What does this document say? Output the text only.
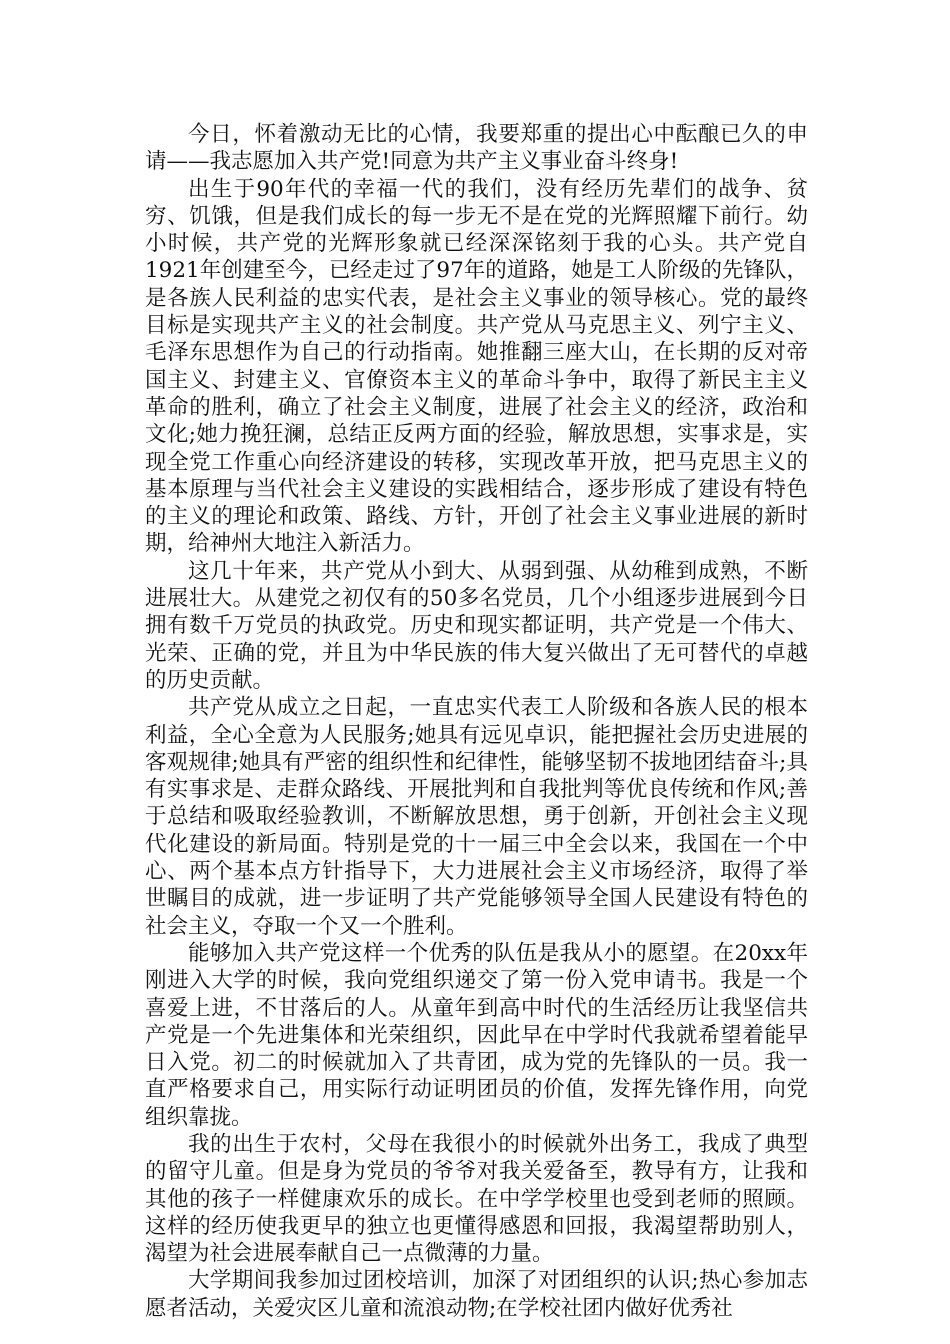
今日，怀着激动无比的心情，我要郑重的提出心中酝酿已久的申请——我志愿加入共产党!同意为共产主义事业奋斗终身!

出生于90年代的幸福一代的我们，没有经历先辈们的战争、贫穷、饥饿，但是我们成长的每一步无不是在党的光辉照耀下前行。幼小时候，共产党的光辉形象就已经深深铭刻于我的心头。共产党自1921年创建至今，已经走过了97年的道路，她是工人阶级的先锋队，是各族人民利益的忠实代表，是社会主义事业的领导核心。党的最终目标是实现共产主义的社会制度。共产党从马克思主义、列宁主义、毛泽东思想作为自己的行动指南。她推翻三座大山，在长期的反对帝国主义、封建主义、官僚资本主义的革命斗争中，取得了新民主主义革命的胜利，确立了社会主义制度，进展了社会主义的经济，政治和文化;她力挽狂澜，总结正反两方面的经验，解放思想，实事求是，实现全党工作重心向经济建设的转移，实现改革开放，把马克思主义的基本原理与当代社会主义建设的实践相结合，逐步形成了建设有特色的主义的理论和政策、路线、方针，开创了社会主义事业进展的新时期，给神州大地注入新活力。

这几十年来，共产党从小到大、从弱到强、从幼稚到成熟，不断进展壮大。从建党之初仅有的50多名党员，几个小组逐步进展到今日拥有数千万党员的执政党。历史和现实都证明，共产党是一个伟大、光荣、正确的党，并且为中华民族的伟大复兴做出了无可替代的卓越的历史贡献。

共产党从成立之日起，一直忠实代表工人阶级和各族人民的根本利益，全心全意为人民服务;她具有远见卓识，能把握社会历史进展的客观规律;她具有严密的组织性和纪律性，能够坚韧不拔地团结奋斗;具有实事求是、走群众路线、开展批判和自我批判等优良传统和作风;善于总结和吸取经验教训，不断解放思想，勇于创新，开创社会主义现代化建设的新局面。特别是党的十一届三中全会以来，我国在一个中心、两个基本点方针指导下，大力进展社会主义市场经济，取得了举世瞩目的成就，进一步证明了共产党能够领导全国人民建设有特色的社会主义，夺取一个又一个胜利。

能够加入共产党这样一个优秀的队伍是我从小的愿望。在20xx年刚进入大学的时候，我向党组织递交了第一份入党申请书。我是一个喜爱上进，不甘落后的人。从童年到高中时代的生活经历让我坚信共产党是一个先进集体和光荣组织，因此早在中学时代我就希望着能早日入党。初二的时候就加入了共青团，成为党的先锋队的一员。我一直严格要求自己，用实际行动证明团员的价值，发挥先锋作用，向党组织靠拢。

我的出生于农村，父母在我很小的时候就外出务工，我成了典型的留守儿童。但是身为党员的爷爷对我关爱备至，教导有方，让我和其他的孩子一样健康欢乐的成长。在中学学校里也受到老师的照顾。这样的经历使我更早的独立也更懂得感恩和回报，我渴望帮助别人，渴望为社会进展奉献自己一点微薄的力量。

大学期间我参加过团校培训，加深了对团组织的认识;热心参加志愿者活动，关爱灾区儿童和流浪动物;在学校社团内做好优秀社
